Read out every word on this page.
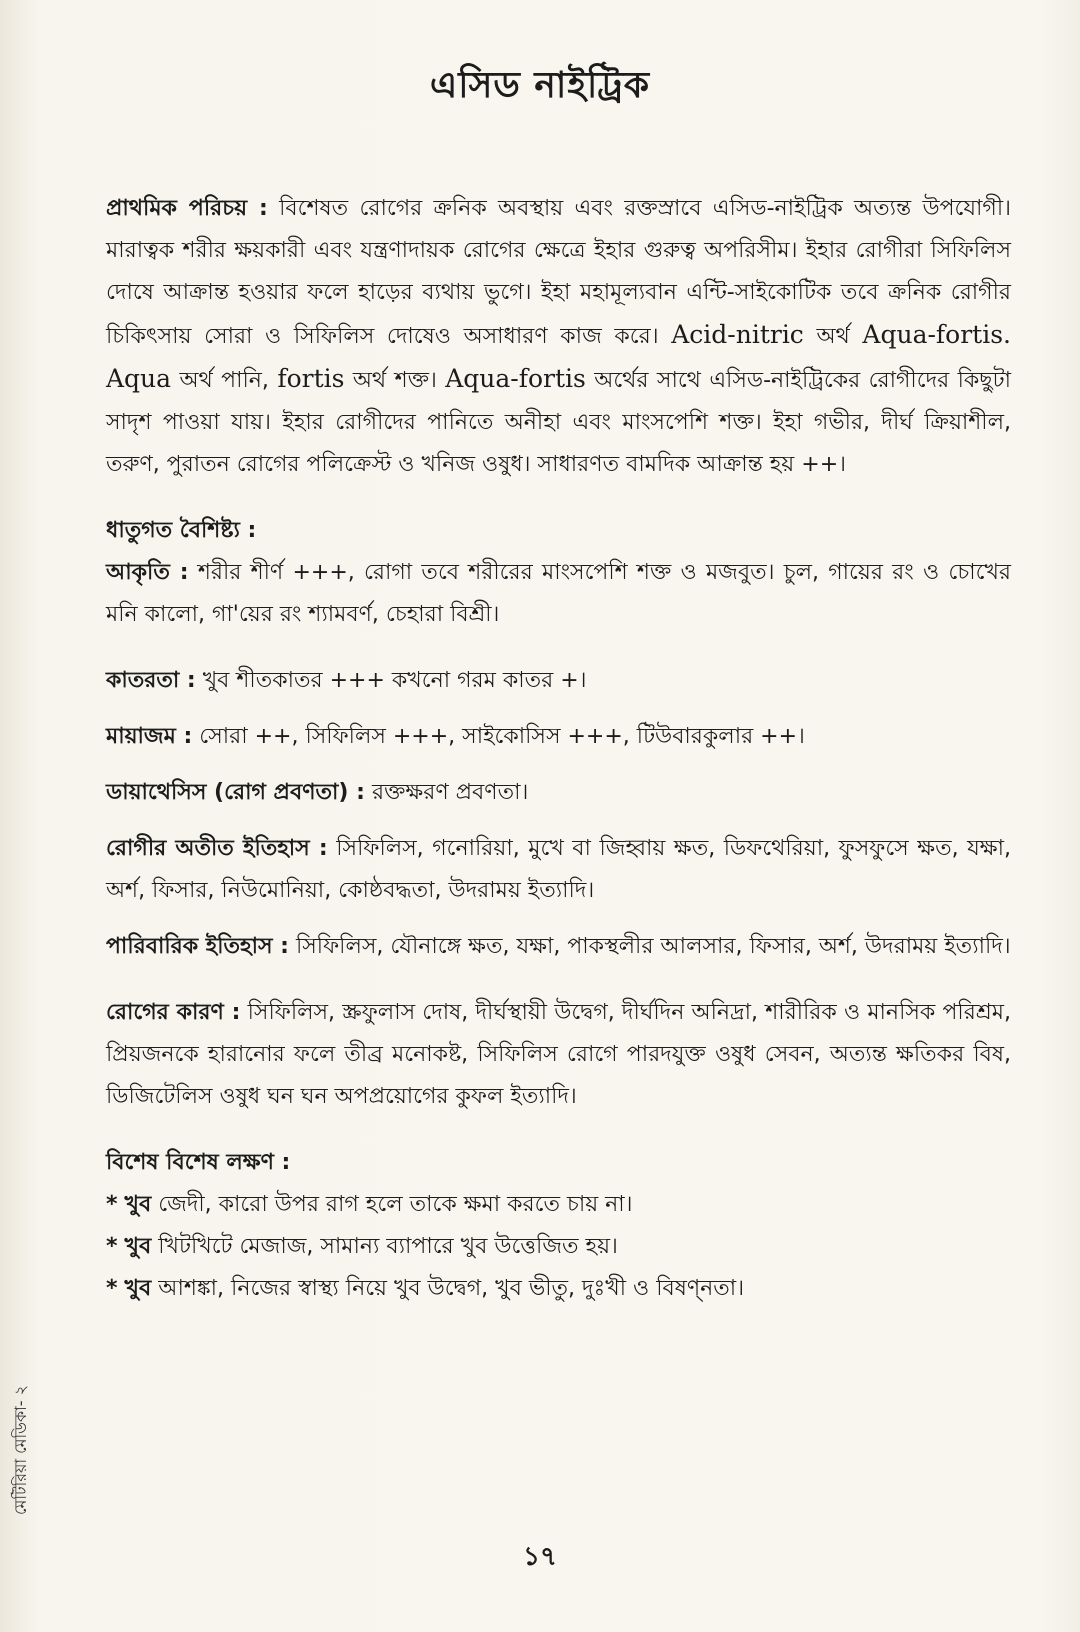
এসিড নাইট্রিক

প্রাথমিক পরিচয় : বিশেষত রোগের ক্রনিক অবস্থায় এবং রক্তস্রাবে এসিড-নাইট্রিক অত্যন্ত উপযোগী। মারাত্বক শরীর ক্ষয়কারী এবং যন্ত্রণাদায়ক রোগের ক্ষেত্রে ইহার গুরুত্ব অপরিসীম। ইহার রোগীরা সিফিলিস দোষে আক্রান্ত হওয়ার ফলে হাড়ের ব্যথায় ভুগে। ইহা মহামূল্যবান এন্টি-সাইকোটিক তবে ক্রনিক রোগীর চিকিৎসায় সোরা ও সিফিলিস দোষেও অসাধারণ কাজ করে। Acid-nitric অর্থ Aqua-fortis. Aqua অর্থ পানি, fortis অর্থ শক্ত। Aqua-fortis অর্থের সাথে এসিড-নাইট্রিকের রোগীদের কিছুটা সাদৃশ পাওয়া যায়। ইহার রোগীদের পানিতে অনীহা এবং মাংসপেশি শক্ত। ইহা গভীর, দীর্ঘ ক্রিয়াশীল, তরুণ, পুরাতন রোগের পলিক্রেস্ট ও খনিজ ওষুধ। সাধারণত বামদিক আক্রান্ত হয় ++।

ধাতুগত বৈশিষ্ট্য :

আকৃতি : শরীর শীর্ণ +++, রোগা তবে শরীরের মাংসপেশি শক্ত ও মজবুত। চুল, গায়ের রং ও চোখের মনি কালো, গা'য়ের রং শ্যামবর্ণ, চেহারা বিশ্রী।

কাতরতা : খুব শীতকাতর +++ কখনো গরম কাতর +।

মায়াজম : সোরা ++, সিফিলিস +++, সাইকোসিস +++, টিউবারকুলার ++।

ডায়াথেসিস (রোগ প্রবণতা) : রক্তক্ষরণ প্রবণতা।

রোগীর অতীত ইতিহাস : সিফিলিস, গনোরিয়া, মুখে বা জিহ্বায় ক্ষত, ডিফথেরিয়া, ফুসফুসে ক্ষত, যক্ষা, অর্শ, ফিসার, নিউমোনিয়া, কোষ্ঠবদ্ধতা, উদরাময় ইত্যাদি।

পারিবারিক ইতিহাস : সিফিলিস, যৌনাঙ্গে ক্ষত, যক্ষা, পাকস্থলীর আলসার, ফিসার, অর্শ, উদরাময় ইত্যাদি।

রোগের কারণ : সিফিলিস, স্ক্রফুলাস দোষ, দীর্ঘস্থায়ী উদ্বেগ, দীর্ঘদিন অনিদ্রা, শারীরিক ও মানসিক পরিশ্রম, প্রিয়জনকে হারানোর ফলে তীব্র মনোকষ্ট, সিফিলিস রোগে পারদযুক্ত ওষুধ সেবন, অত্যন্ত ক্ষতিকর বিষ, ডিজিটেলিস ওষুধ ঘন ঘন অপপ্রয়োগের কুফল ইত্যাদি।

বিশেষ বিশেষ লক্ষণ :

* খুব জেদী, কারো উপর রাগ হলে তাকে ক্ষমা করতে চায় না।

* খুব খিটখিটে মেজাজ, সামান্য ব্যাপারে খুব উত্তেজিত হয়।

* খুব আশঙ্কা, নিজের স্বাস্থ্য নিয়ে খুব উদ্বেগ, খুব ভীতু, দুঃখী ও বিষণ্নতা।

১৭
মেটিরিয়া মেডিকা- ২
